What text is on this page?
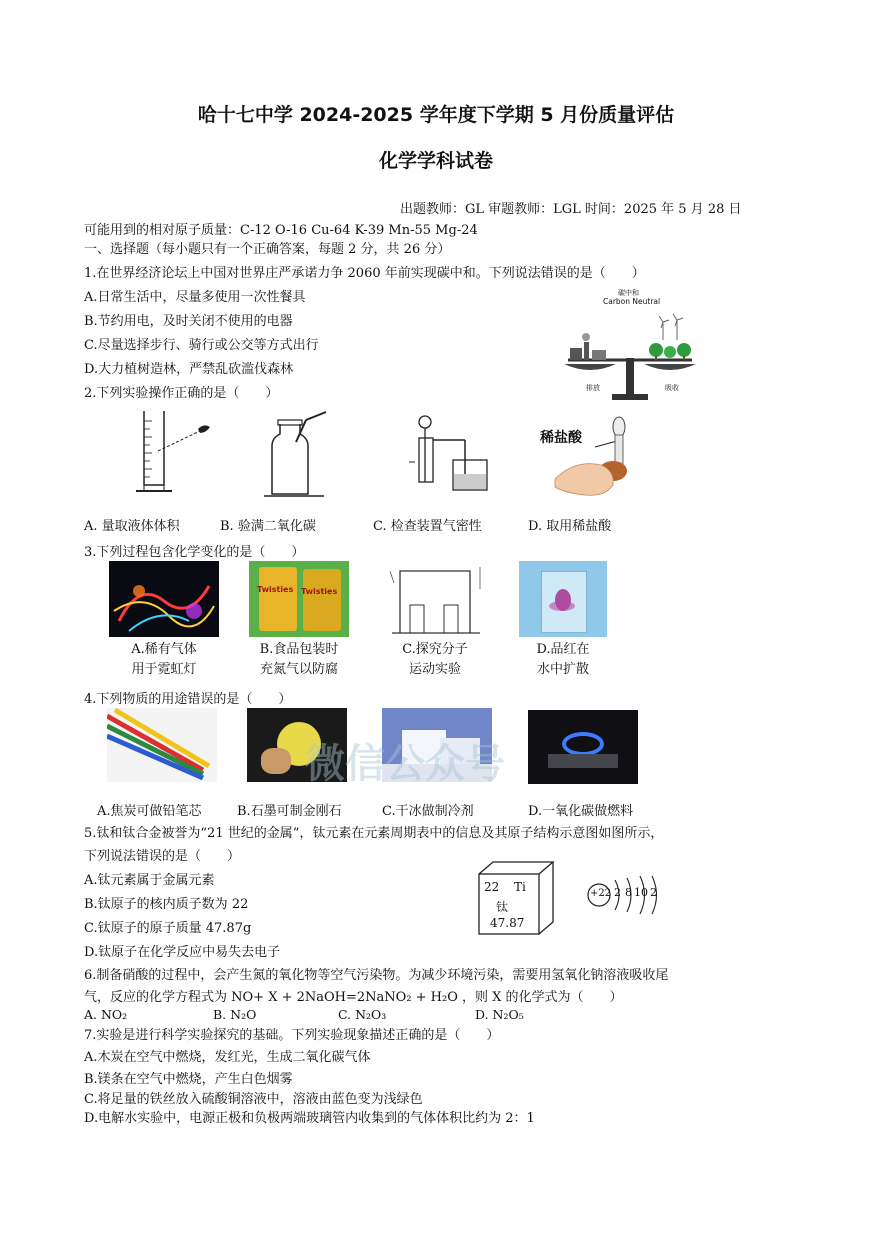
哈十七中学 2024-2025 学年度下学期 5 月份质量评估
化学学科试卷
出题教师：GL 审题教师：LGL 时间：2025 年 5 月 28 日
可能用到的相对原子质量：C-12 O-16 Cu-64 K-39 Mn-55 Mg-24
一、选择题（每小题只有一个正确答案，每题 2 分，共 26 分）
1.在世界经济论坛上中国对世界庄严承诺力争 2060 年前实现碳中和。下列说法错误的是（　　）
A.日常生活中，尽量多使用一次性餐具
B.节约用电，及时关闭不使用的电器
C.尽量选择步行、骑行或公交等方式出行
D.大力植树造林，严禁乱砍滥伐森林
碳中和
Carbon Neutral
排放	吸收
2.下列实验操作正确的是（　　）
稀盐酸
A. 量取液体体积	B. 验满二氧化碳	C. 检查装置气密性	D. 取用稀盐酸
3.下列过程包含化学变化的是（　　）
Twisties Twisties
A.稀有气体
用于霓虹灯
B.食品包装时
充氮气以防腐
C.探究分子
运动实验
D.品红在
水中扩散
4.下列物质的用途错误的是（　　）
微信公众号
A.焦炭可做铅笔芯	B.石墨可制金刚石	C.干冰做制冷剂	D.一氧化碳做燃料
5.钛和钛合金被誉为“21 世纪的金属”，钛元素在元素周期表中的信息及其原子结构示意图如图所示，
下列说法错误的是（　　）
A.钛元素属于金属元素
B.钛原子的核内质子数为 22
C.钛原子的原子质量 47.87g
D.钛原子在化学反应中易失去电子
22 Ti
钛
47.87
+22 2 8 10 2
6.制备硝酸的过程中，会产生氮的氧化物等空气污染物。为减少环境污染，需要用氢氧化钠溶液吸收尾
气，反应的化学方程式为 NO+ X + 2NaOH=2NaNO₂ + H₂O ，则 X 的化学式为（　　）
A. NO₂	B. N₂O	C. N₂O₃	D. N₂O₅
7.实验是进行科学实验探究的基础。下列实验现象描述正确的是（　　）
A.木炭在空气中燃烧，发红光，生成二氧化碳气体
B.镁条在空气中燃烧，产生白色烟雾
C.将足量的铁丝放入硫酸铜溶液中，溶液由蓝色变为浅绿色
D.电解水实验中，电源正极和负极两端玻璃管内收集到的气体体积比约为 2：1
